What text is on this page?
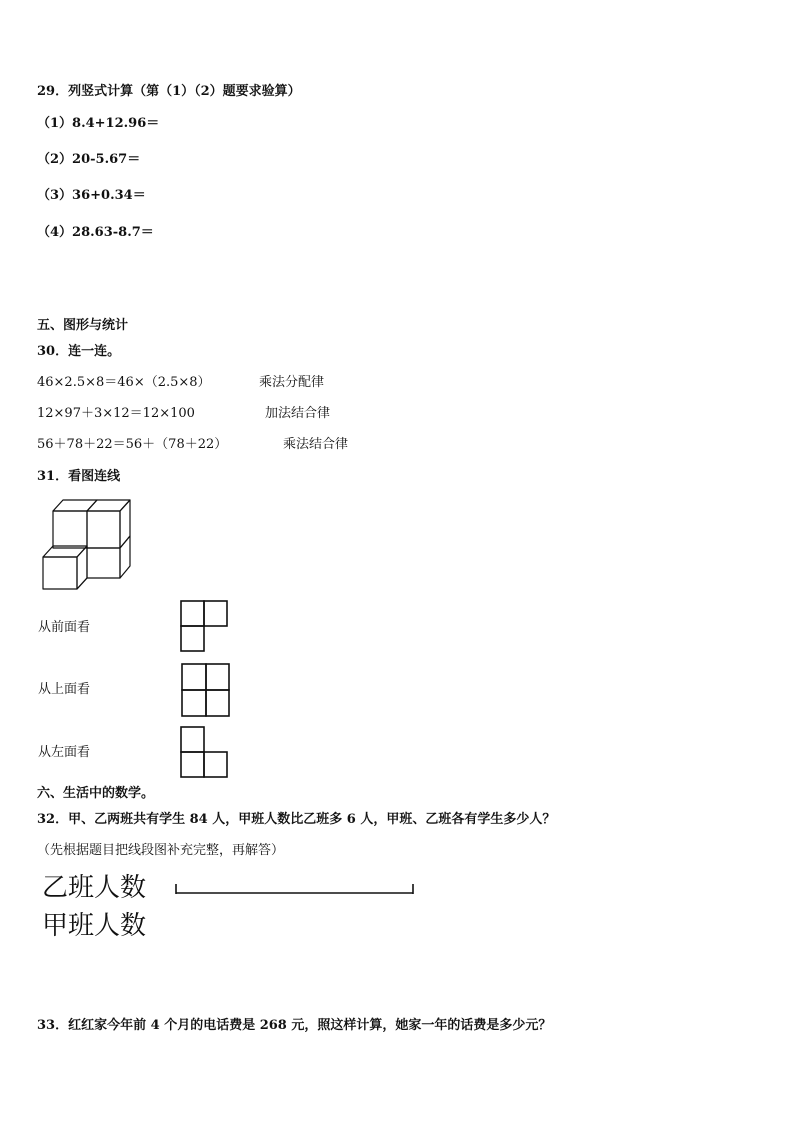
29．列竖式计算（第（1）（2）题要求验算）
（1）8.4+12.96＝
（2）20-5.67＝
（3）36+0.34＝
（4）28.63-8.7＝
五、图形与统计
30．连一连。
46×2.5×8＝46×（2.5×8）
12×97＋3×12＝12×100
56＋78＋22＝56＋（78＋22）
乘法分配律
加法结合律
乘法结合律
31．看图连线
从前面看
从上面看
从左面看
六、生活中的数学。
32．甲、乙两班共有学生 84 人，甲班人数比乙班多 6 人，甲班、乙班各有学生多少人？
（先根据题目把线段图补充完整，再解答）
乙班人数
甲班人数
33．红红家今年前 4 个月的电话费是 268 元，照这样计算，她家一年的话费是多少元？
